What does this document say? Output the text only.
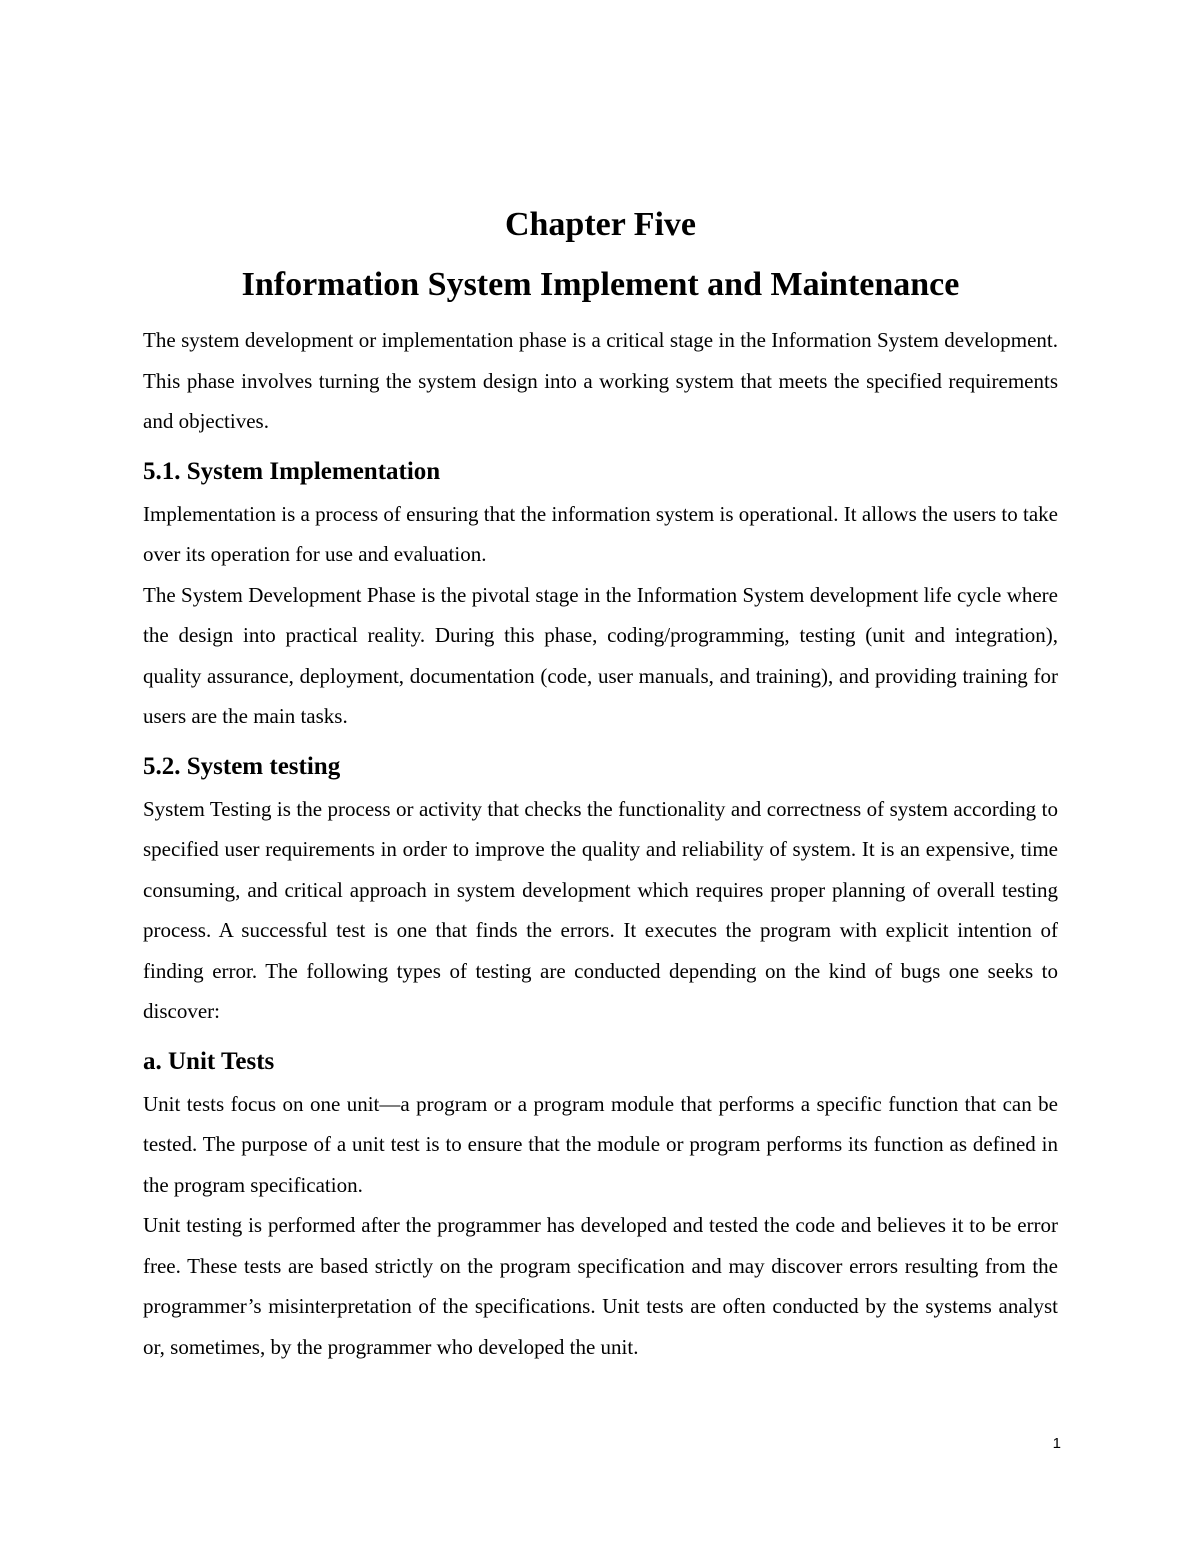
Chapter Five
Information System Implement and Maintenance

The system development or implementation phase is a critical stage in the Information System development. This phase involves turning the system design into a working system that meets the specified requirements and objectives.

5.1. System Implementation

Implementation is a process of ensuring that the information system is operational. It allows the users to take over its operation for use and evaluation.

The System Development Phase is the pivotal stage in the Information System development life cycle where the design into practical reality. During this phase, coding/programming, testing (unit and integration), quality assurance, deployment, documentation (code, user manuals, and training), and providing training for users are the main tasks.

5.2. System testing

System Testing is the process or activity that checks the functionality and correctness of system according to specified user requirements in order to improve the quality and reliability of system. It is an expensive, time consuming, and critical approach in system development which requires proper planning of overall testing process. A successful test is one that finds the errors. It executes the program with explicit intention of finding error. The following types of testing are conducted depending on the kind of bugs one seeks to discover:

a. Unit Tests

Unit tests focus on one unit—a program or a program module that performs a specific function that can be tested. The purpose of a unit test is to ensure that the module or program performs its function as defined in the program specification.

Unit testing is performed after the programmer has developed and tested the code and believes it to be error free. These tests are based strictly on the program specification and may discover errors resulting from the programmer’s misinterpretation of the specifications. Unit tests are often conducted by the systems analyst or, sometimes, by the programmer who developed the unit.

1
